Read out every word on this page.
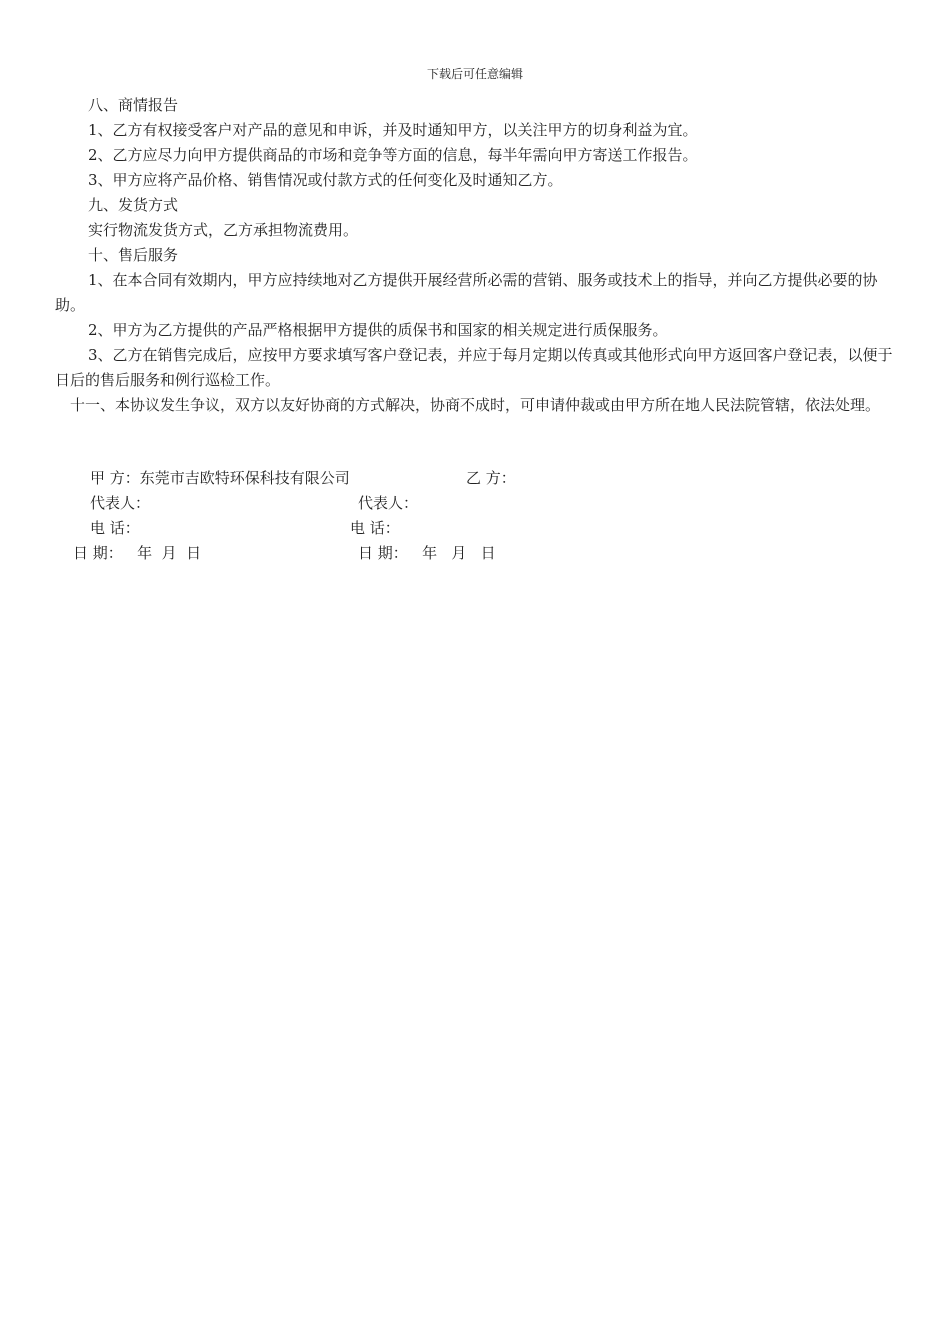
下载后可任意编辑

八、商情报告

1、乙方有权接受客户对产品的意见和申诉，并及时通知甲方，以关注甲方的切身利益为宜。

2、乙方应尽力向甲方提供商品的市场和竞争等方面的信息，每半年需向甲方寄送工作报告。

3、甲方应将产品价格、销售情况或付款方式的任何变化及时通知乙方。

九、发货方式

实行物流发货方式，乙方承担物流费用。

十、售后服务

1、在本合同有效期内，甲方应持续地对乙方提供开展经营所必需的营销、服务或技术上的指导，并向乙方提供必要的协助。

2、甲方为乙方提供的产品严格根据甲方提供的质保书和国家的相关规定进行质保服务。

3、乙方在销售完成后，应按甲方要求填写客户登记表，并应于每月定期以传真或其他形式向甲方返回客户登记表，以便于日后的售后服务和例行巡检工作。

十一、本协议发生争议，双方以友好协商的方式解决，协商不成时，可申请仲裁或由甲方所在地人民法院管辖，依法处理。

甲 方：东莞市吉欧特环保科技有限公司	乙 方：
代表人：	代表人：
电 话：	电 话：
日 期：   年  月  日	日 期：   年   月   日
